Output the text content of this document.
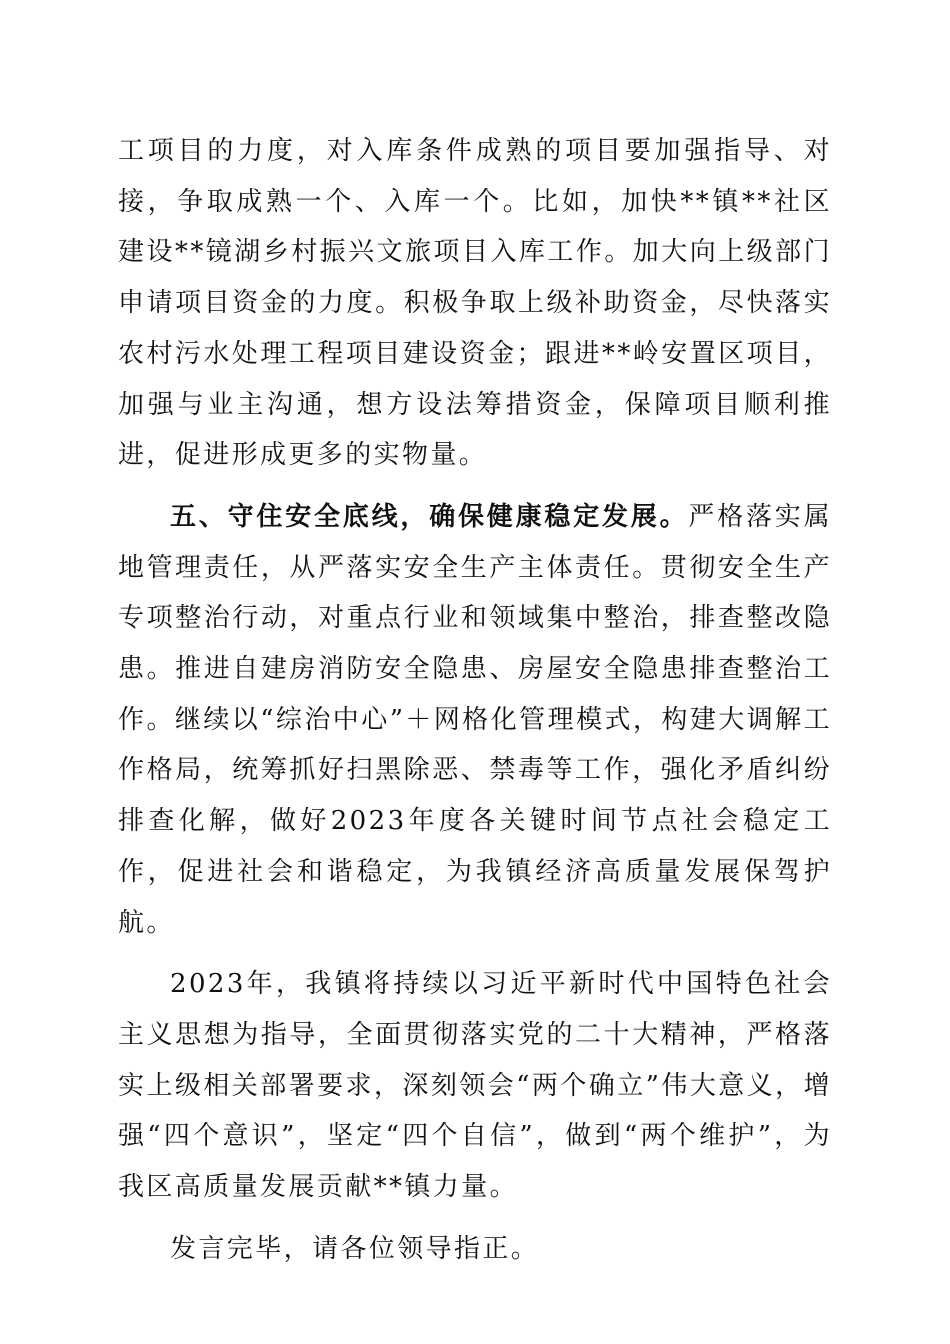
工项目的力度，对入库条件成熟的项目要加强指导、对接，争取成熟一个、入库一个。比如，加快**镇**社区建设**镜湖乡村振兴文旅项目入库工作。加大向上级部门申请项目资金的力度。积极争取上级补助资金，尽快落实农村污水处理工程项目建设资金；跟进**岭安置区项目，加强与业主沟通，想方设法筹措资金，保障项目顺利推进，促进形成更多的实物量。

五、守住安全底线，确保健康稳定发展。严格落实属地管理责任，从严落实安全生产主体责任。贯彻安全生产专项整治行动，对重点行业和领域集中整治，排查整改隐患。推进自建房消防安全隐患、房屋安全隐患排查整治工作。继续以“综治中心”＋网格化管理模式，构建大调解工作格局，统筹抓好扫黑除恶、禁毒等工作，强化矛盾纠纷排查化解，做好2023年度各关键时间节点社会稳定工作，促进社会和谐稳定，为我镇经济高质量发展保驾护航。

2023年，我镇将持续以习近平新时代中国特色社会主义思想为指导，全面贯彻落实党的二十大精神，严格落实上级相关部署要求，深刻领会“两个确立”伟大意义，增强“四个意识”，坚定“四个自信”，做到“两个维护”，为我区高质量发展贡献**镇力量。

发言完毕，请各位领导指正。
